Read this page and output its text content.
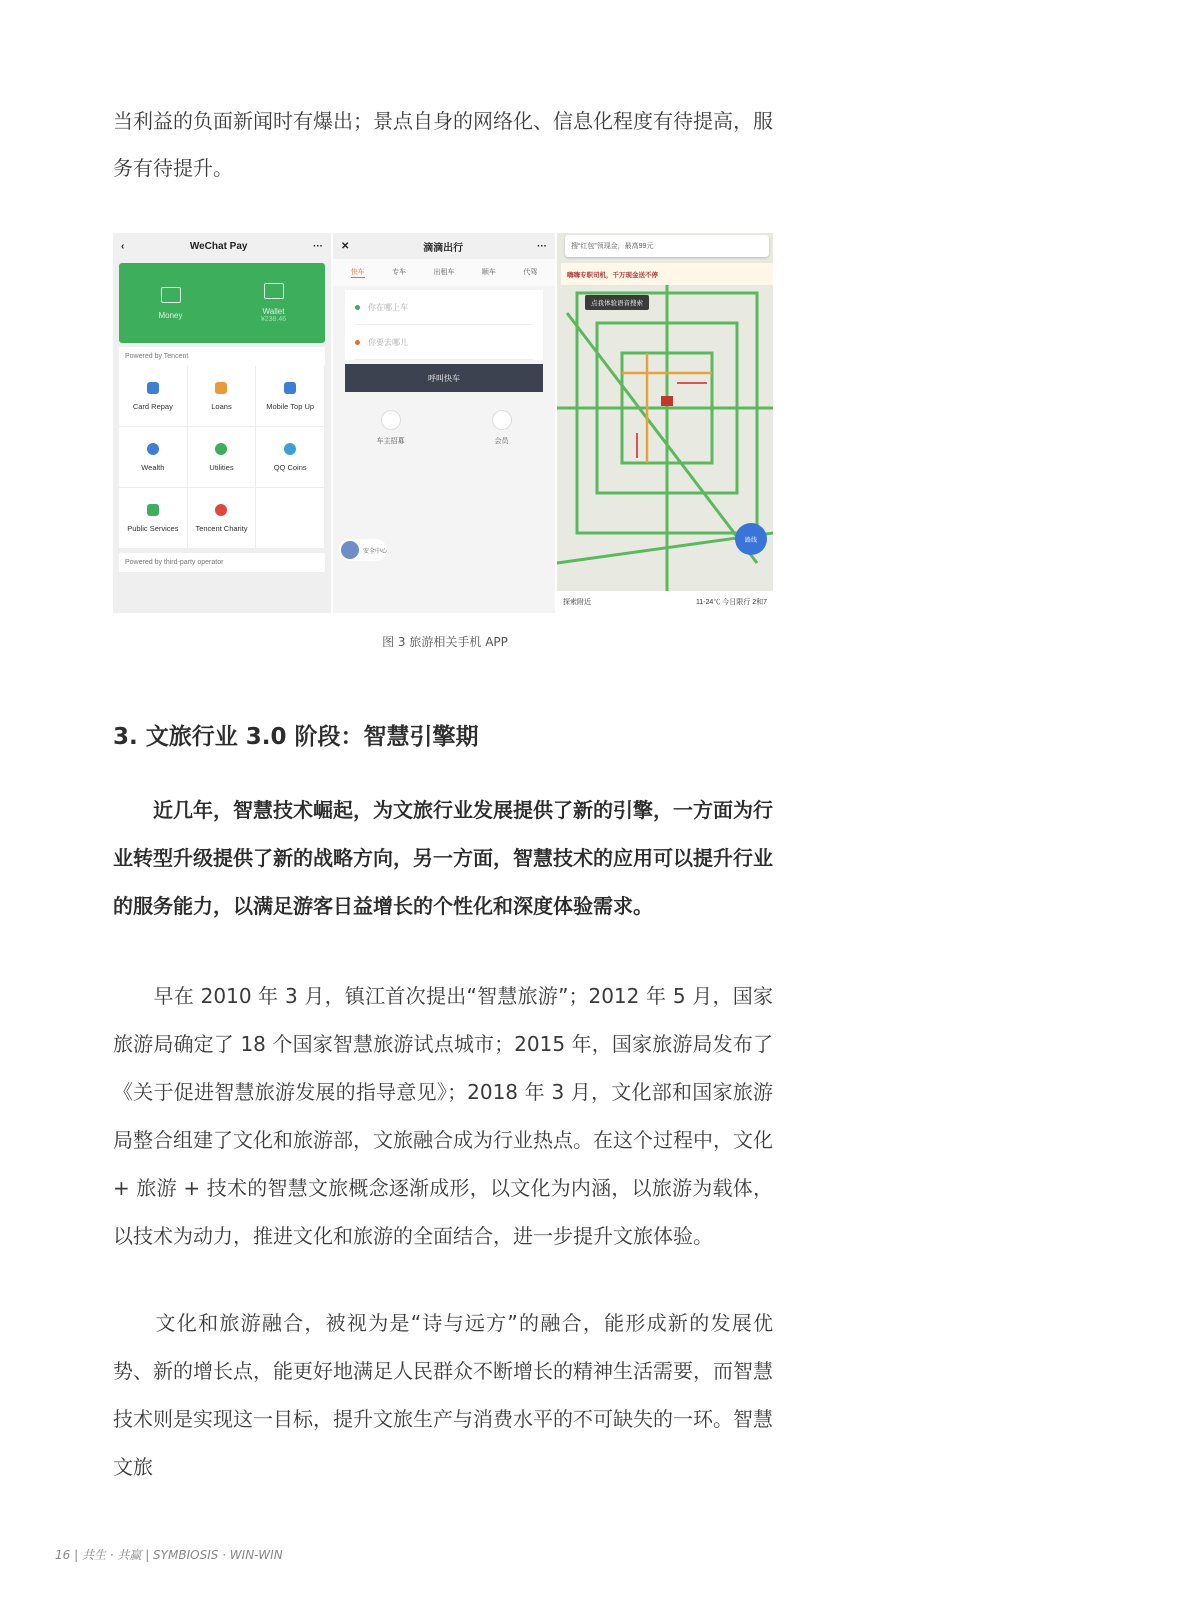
当利益的负面新闻时有爆出；景点自身的网络化、信息化程度有待提高，服

务有待提升。

‹	WeChat Pay	···
Money	Wallet
¥238.46
Powered by Tencent
Card Repay	Loans	Mobile Top Up
Wealth	Utilities	QQ Coins
Public Services Tencent Charity
Powered by third-party operator
✕	滴滴出行	···
快车	专车	出租车	顺车	代驾
你在哪上车
你要去哪儿
呼叫快车
车主招募	会员
安全中心
搜“红包”领现金，最高99元
嗨嗨专职司机，千万现金送不停
点我体验语音搜索
路线
探索附近	11-24℃ 今日限行 2和7
图 3 旅游相关手机 APP
3. 文旅行业 3.0 阶段：智慧引擎期

　　近几年，智慧技术崛起，为文旅行业发展提供了新的引擎，一方面为行业转型升级提供了新的战略方向，另一方面，智慧技术的应用可以提升行业的服务能力，以满足游客日益增长的个性化和深度体验需求。

　　早在 2010 年 3 月，镇江首次提出“智慧旅游”；2012 年 5 月，国家旅游局确定了 18 个国家智慧旅游试点城市；2015 年，国家旅游局发布了《关于促进智慧旅游发展的指导意见》；2018 年 3 月，文化部和国家旅游局整合组建了文化和旅游部，文旅融合成为行业热点。在这个过程中，文化 + 旅游 + 技术的智慧文旅概念逐渐成形，以文化为内涵，以旅游为载体，以技术为动力，推进文化和旅游的全面结合，进一步提升文旅体验。

　　文化和旅游融合，被视为是“诗与远方”的融合，能形成新的发展优势、新的增长点，能更好地满足人民群众不断增长的精神生活需要，而智慧技术则是实现这一目标，提升文旅生产与消费水平的不可缺失的一环。智慧文旅

16 | 共生 · 共赢 | SYMBIOSIS · WIN-WIN
